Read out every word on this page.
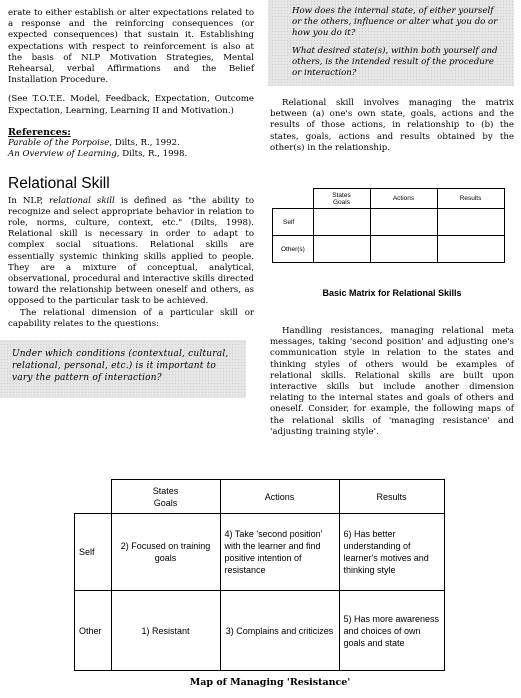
erate to either establish or alter expectations related to a response and the reinforcing consequences (or expected consequences) that sustain it. Establishing expectations with respect to reinforcement is also at the basis of NLP Motivation Strategies, Mental Rehearsal, verbal Affirmations and the Belief Installation Procedure.

(See T.O.T.E. Model, Feedback, Expectation, Outcome Expectation, Learning, Learning II and Motivation.)

References:
Parable of the Porpoise, Dilts, R., 1992.
An Overview of Learning, Dilts, R., 1998.
Relational Skill

In NLP, relational skill is defined as "the ability to recognize and select appropriate behavior in relation to role, norms, culture, context, etc." (Dilts, 1998). Relational skill is necessary in order to adapt to complex social situations. Relational skills are essentially systemic thinking skills applied to people. They are a mixture of conceptual, analytical, observational, procedural and interactive skills directed toward the relationship between oneself and others, as opposed to the particular task to be achieved.

The relational dimension of a particular skill or capability relates to the questions:

Under which conditions (contextual, cultural, relational, personal, etc.) is it important to vary the pattern of interaction?

How does the internal state, of either yourself or the others, influence or alter what you do or how you do it?

What desired state(s), within both yourself and others, is the intended result of the procedure or interaction?

Relational skill involves managing the matrix between (a) one's own state, goals, actions and the results of those actions, in relationship to (b) the states, goals, actions and results obtained by the other(s) in the relationship.

	States
Goals	Actions	Results
Self			
Other(s)			
Basic Matrix for Relational Skills

Handling resistances, managing relational meta messages, taking 'second position' and adjusting one's communication style in relation to the states and thinking styles of others would be examples of relational skills. Relational skills are built upon interactive skills but include another dimension relating to the internal states and goals of others and oneself. Consider, for example, the following maps of the relational skills of 'managing resistance' and 'adjusting training style'.

	States
Goals	Actions	Results
Self	2) Focused on training goals	4) Take 'second position' with the learner and find positive intention of resistance	6) Has better understanding of learner's motives and thinking style
Other	1) Resistant	3) Complains and criticizes	5) Has more awareness and choices of own goals and state
Map of Managing 'Resistance'
